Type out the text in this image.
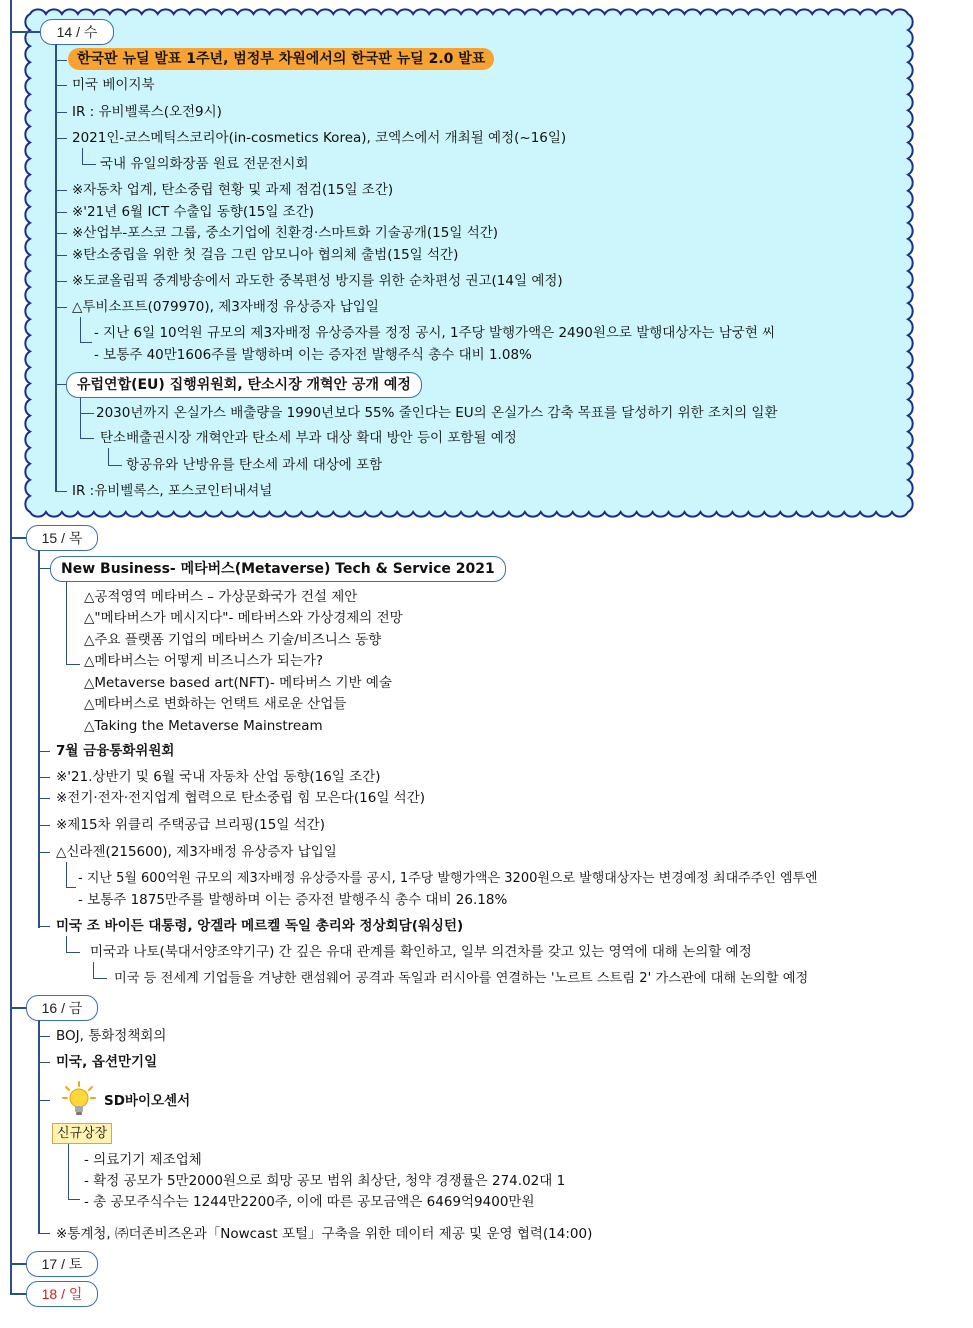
14 / 수
15 / 목
16 / 금
17 / 토
18 / 일
한국판 뉴딜 발표 1주년, 범정부 차원에서의 한국판 뉴딜 2.0 발표
미국 베이지북
IR : 유비벨록스(오전9시)
2021인-코스메틱스코리아(in-cosmetics Korea), 코엑스에서 개최될 예정(~16일)
국내 유일의화장품 원료 전문전시회
※자동차 업계, 탄소중립 현황 및 과제 점검(15일 조간)
※'21년 6월 ICT 수출입 동향(15일 조간)
※산업부-포스코 그룹, 중소기업에 친환경·스마트화 기술공개(15일 석간)
※탄소중립을 위한 첫 걸음 그린 암모니아 협의체 출범(15일 석간)
※도쿄올림픽 중계방송에서 과도한 중복편성 방지를 위한 순차편성 권고(14일 예정)
△투비소프트(079970), 제3자배정 유상증자 납입일
- 지난 6일 10억원 규모의 제3자배정 유상증자를 정정 공시, 1주당 발행가액은 2490원으로 발행대상자는 남궁현 씨
- 보통주 40만1606주를 발행하며 이는 증자전 발행주식 총수 대비 1.08%
유럽연합(EU) 집행위원회, 탄소시장 개혁안 공개 예정
2030년까지 온실가스 배출량을 1990년보다 55% 줄인다는 EU의 온실가스 감축 목표를 달성하기 위한 조치의 일환
탄소배출권시장 개혁안과 탄소세 부과 대상 확대 방안 등이 포함될 예정
항공유와 난방유를 탄소세 과세 대상에 포함
IR :유비벨록스, 포스코인터내셔널
New Business- 메타버스(Metaverse) Tech & Service 2021
△공적영역 메타버스 – 가상문화국가 건설 제안
△"메타버스가 메시지다"- 메타버스와 가상경제의 전망
△주요 플랫폼 기업의 메타버스 기술/비즈니스 동향
△메타버스는 어떻게 비즈니스가 되는가?
△Metaverse based art(NFT)- 메타버스 기반 예술
△메타버스로 변화하는 언택트 새로운 산업들
△Taking the Metaverse Mainstream
7월 금융통화위원회
※'21.상반기 및 6월 국내 자동차 산업 동향(16일 조간)
※전기·전자·전지업계 협력으로 탄소중립 힘 모은다(16일 석간)
※제15차 위클리 주택공급 브리핑(15일 석간)
△신라젠(215600), 제3자배정 유상증자 납입일
- 지난 5월 600억원 규모의 제3자배정 유상증자를 공시, 1주당 발행가액은 3200원으로 발행대상자는 변경예정 최대주주인 엠투엔
- 보통주 1875만주를 발행하며 이는 증자전 발행주식 총수 대비 26.18%
미국 조 바이든 대통령, 앙겔라 메르켈 독일 총리와 정상회담(워싱턴)
미국과 나토(북대서양조약기구) 간 깊은 유대 관계를 확인하고, 일부 의견차를 갖고 있는 영역에 대해 논의할 예정
미국 등 전세계 기업들을 겨냥한 랜섬웨어 공격과 독일과 러시아를 연결하는 '노르트 스트림 2' 가스관에 대해 논의할 예정
BOJ, 통화정책회의
미국, 옵션만기일
SD바이오센서
신규상장
- 의료기기 제조업체
- 확정 공모가 5만2000원으로 희망 공모 범위 최상단, 청약 경쟁률은 274.02대 1
- 총 공모주식수는 1244만2200주, 이에 따른 공모금액은 6469억9400만원
※통계청, ㈜더존비즈온과「Nowcast 포털」구축을 위한 데이터 제공 및 운영 협력(14:00)
